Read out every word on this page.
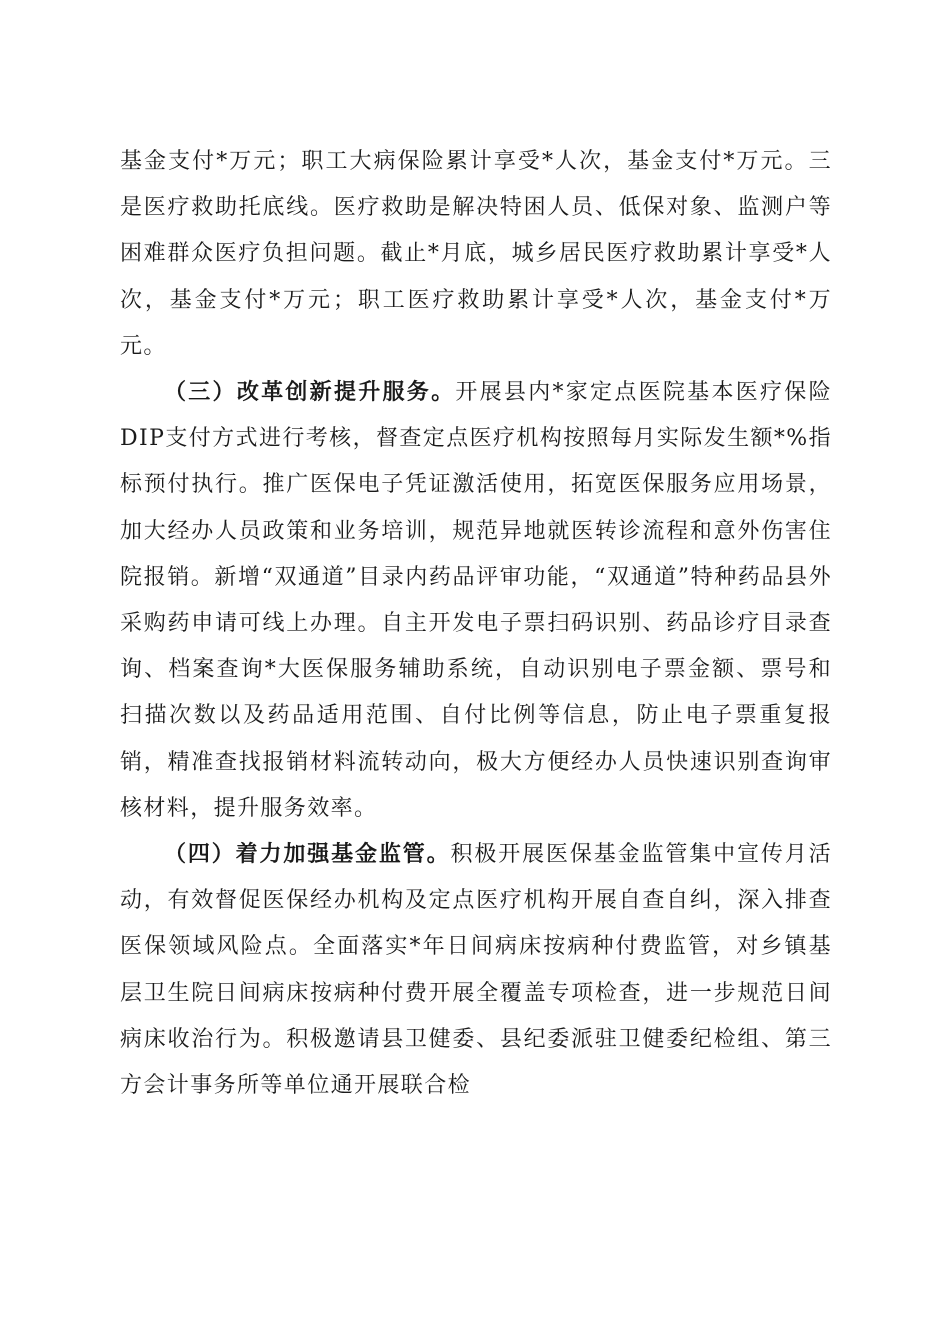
基金支付*万元；职工大病保险累计享受*人次，基金支付*万元。三是医疗救助托底线。医疗救助是解决特困人员、低保对象、监测户等困难群众医疗负担问题。截止*月底，城乡居民医疗救助累计享受*人次，基金支付*万元；职工医疗救助累计享受*人次，基金支付*万元。

（三）改革创新提升服务。开展县内*家定点医院基本医疗保险DIP支付方式进行考核，督查定点医疗机构按照每月实际发生额*%指标预付执行。推广医保电子凭证激活使用，拓宽医保服务应用场景，加大经办人员政策和业务培训，规范异地就医转诊流程和意外伤害住院报销。新增“双通道”目录内药品评审功能，“双通道”特种药品县外采购药申请可线上办理。自主开发电子票扫码识别、药品诊疗目录查询、档案查询*大医保服务辅助系统，自动识别电子票金额、票号和扫描次数以及药品适用范围、自付比例等信息，防止电子票重复报销，精准查找报销材料流转动向，极大方便经办人员快速识别查询审核材料，提升服务效率。

（四）着力加强基金监管。积极开展医保基金监管集中宣传月活动，有效督促医保经办机构及定点医疗机构开展自查自纠，深入排查医保领域风险点。全面落实*年日间病床按病种付费监管，对乡镇基层卫生院日间病床按病种付费开展全覆盖专项检查，进一步规范日间病床收治行为。积极邀请县卫健委、县纪委派驻卫健委纪检组、第三方会计事务所等单位通开展联合检
